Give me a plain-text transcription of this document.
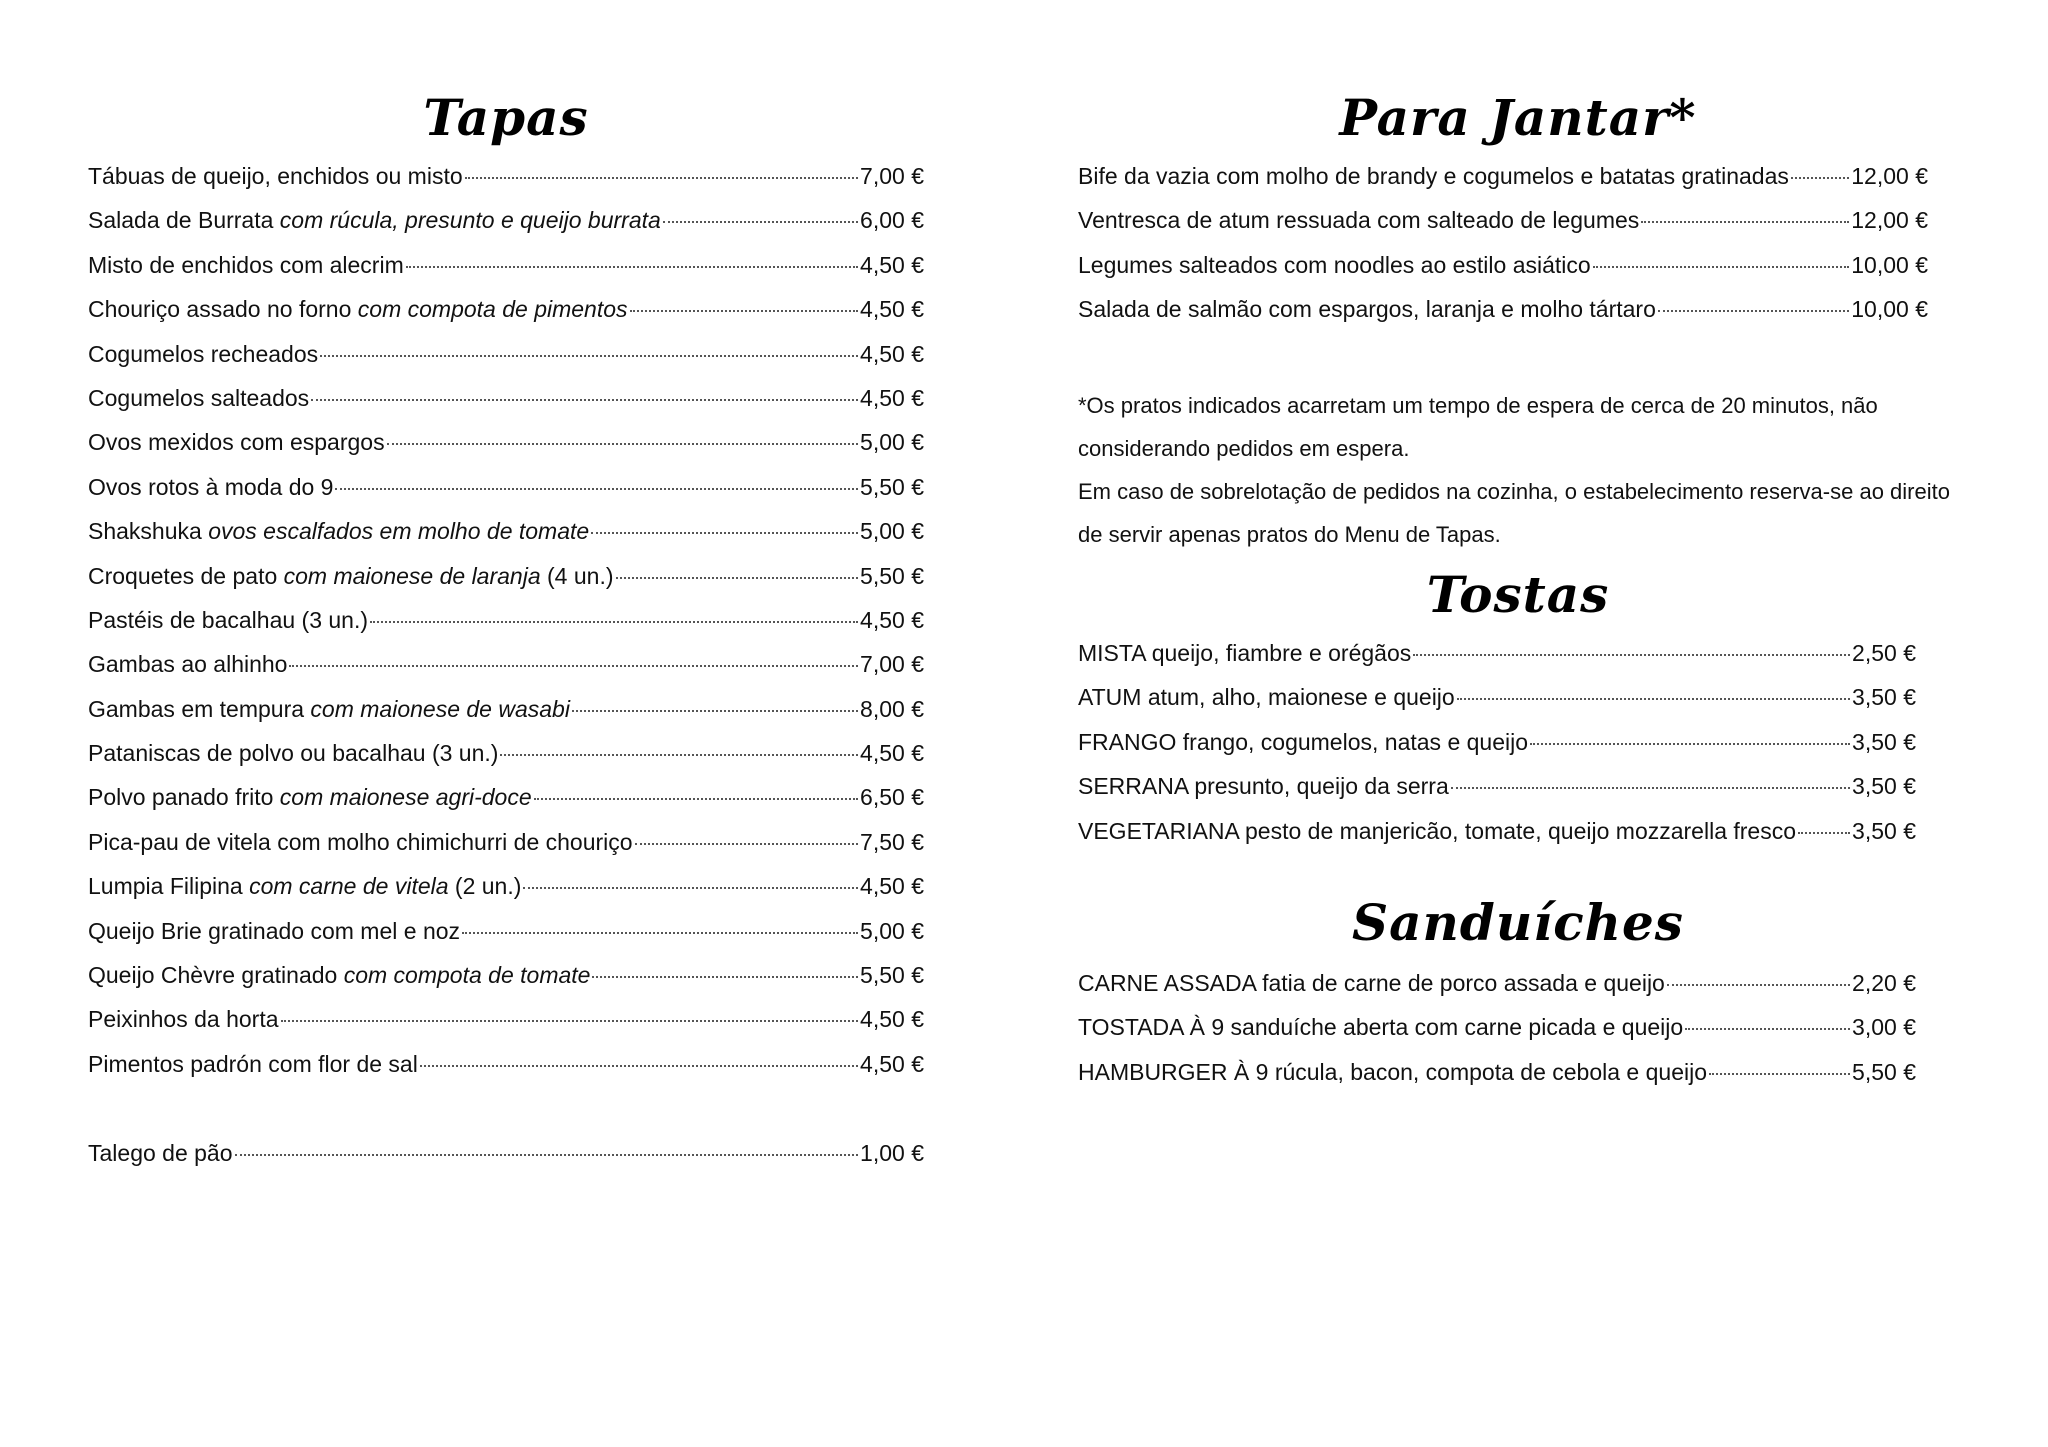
Tapas
Tábuas de queijo, enchidos ou misto	7,00 €
Salada de Burrata com rúcula, presunto e queijo burrata	6,00 €
Misto de enchidos com alecrim	4,50 €
Chouriço assado no forno com compota de pimentos	4,50 €
Cogumelos recheados	4,50 €
Cogumelos salteados	4,50 €
Ovos mexidos com espargos	5,00 €
Ovos rotos à moda do 9	5,50 €
Shakshuka ovos escalfados em molho de tomate	5,00 €
Croquetes de pato com maionese de laranja (4 un.)	5,50 €
Pastéis de bacalhau (3 un.)	4,50 €
Gambas ao alhinho	7,00 €
Gambas em tempura com maionese de wasabi	8,00 €
Pataniscas de polvo ou bacalhau (3 un.)	4,50 €
Polvo panado frito com maionese agri-doce	6,50 €
Pica-pau de vitela com molho chimichurri de chouriço	7,50 €
Lumpia Filipina com carne de vitela (2 un.)	4,50 €
Queijo Brie gratinado com mel e noz	5,00 €
Queijo Chèvre gratinado com compota de tomate	5,50 €
Peixinhos da horta	4,50 €
Pimentos padrón com flor de sal	4,50 €
Talego de pão	1,00 €
Para Jantar*
Bife da vazia com molho de brandy e cogumelos e batatas gratinadas	12,00 €
Ventresca de atum ressuada com salteado de legumes	12,00 €
Legumes salteados com noodles ao estilo asiático	10,00 €
Salada de salmão com espargos, laranja e molho tártaro	10,00 €

*Os pratos indicados acarretam um tempo de espera de cerca de 20 minutos, não considerando pedidos em espera.

Em caso de sobrelotação de pedidos na cozinha, o estabelecimento reserva-se ao direito de servir apenas pratos do Menu de Tapas.

Tostas
MISTA queijo, fiambre e orégãos	2,50 €
ATUM atum, alho, maionese e queijo	3,50 €
FRANGO frango, cogumelos, natas e queijo	3,50 €
SERRANA presunto, queijo da serra	3,50 €
VEGETARIANA pesto de manjericão, tomate, queijo mozzarella fresco 3,50 €
Sanduíches
CARNE ASSADA fatia de carne de porco assada e queijo	2,20 €
TOSTADA À 9 sanduíche aberta com carne picada e queijo	3,00 €
HAMBURGER À 9 rúcula, bacon, compota de cebola e queijo	5,50 €
